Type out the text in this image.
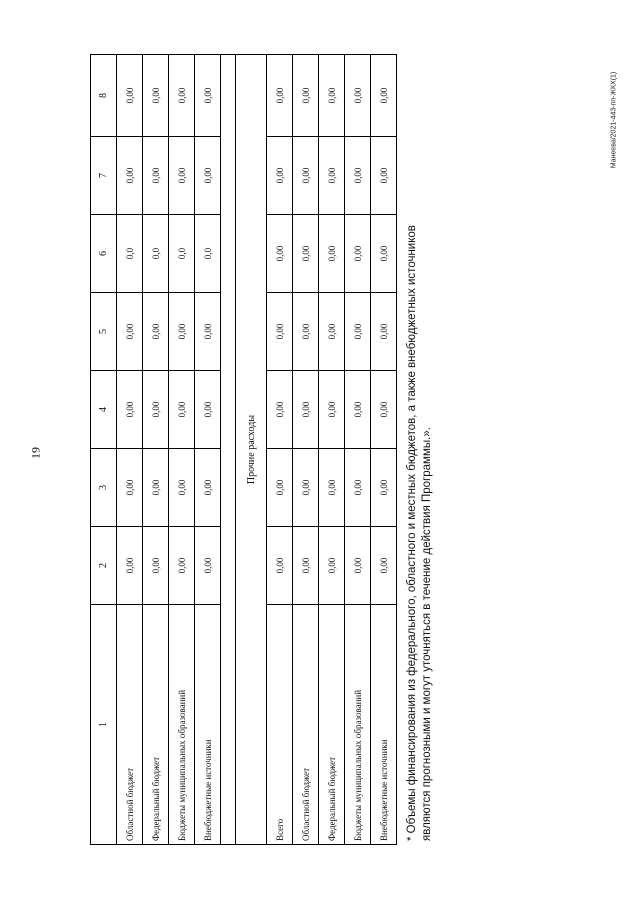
19
Манеева/2021-443-пп-ЖКХ(1)
1	2	3	4	5	6	7	8
Областной бюджет	0,00	0,00	0,00	0,00	0,0	0,00	0,00
Федеральный бюджет	0,00	0,00	0,00	0,00	0,0	0,00	0,00
Бюджеты муниципальных образований	0,00	0,00	0,00	0,00	0,0	0,00	0,00
Внебюджетные источники	0,00	0,00	0,00	0,00	0,0	0,00	0,00

Прочие расходы							
Всего	0,00	0,00	0,00	0,00	0,00	0,00	0,00
Областной бюджет	0,00	0,00	0,00	0,00	0,00	0,00	0,00
Федеральный бюджет	0,00	0,00	0,00	0,00	0,00	0,00	0,00
Бюджеты муниципальных образований	0,00	0,00	0,00	0,00	0,00	0,00	0,00
Внебюджетные источники	0,00	0,00	0,00	0,00	0,00	0,00	0,00
* Объемы финансирования из федерального, областного и местных бюджетов, а также внебюджетных источников являются прогнозными и могут уточняться в течение действия Программы.».
